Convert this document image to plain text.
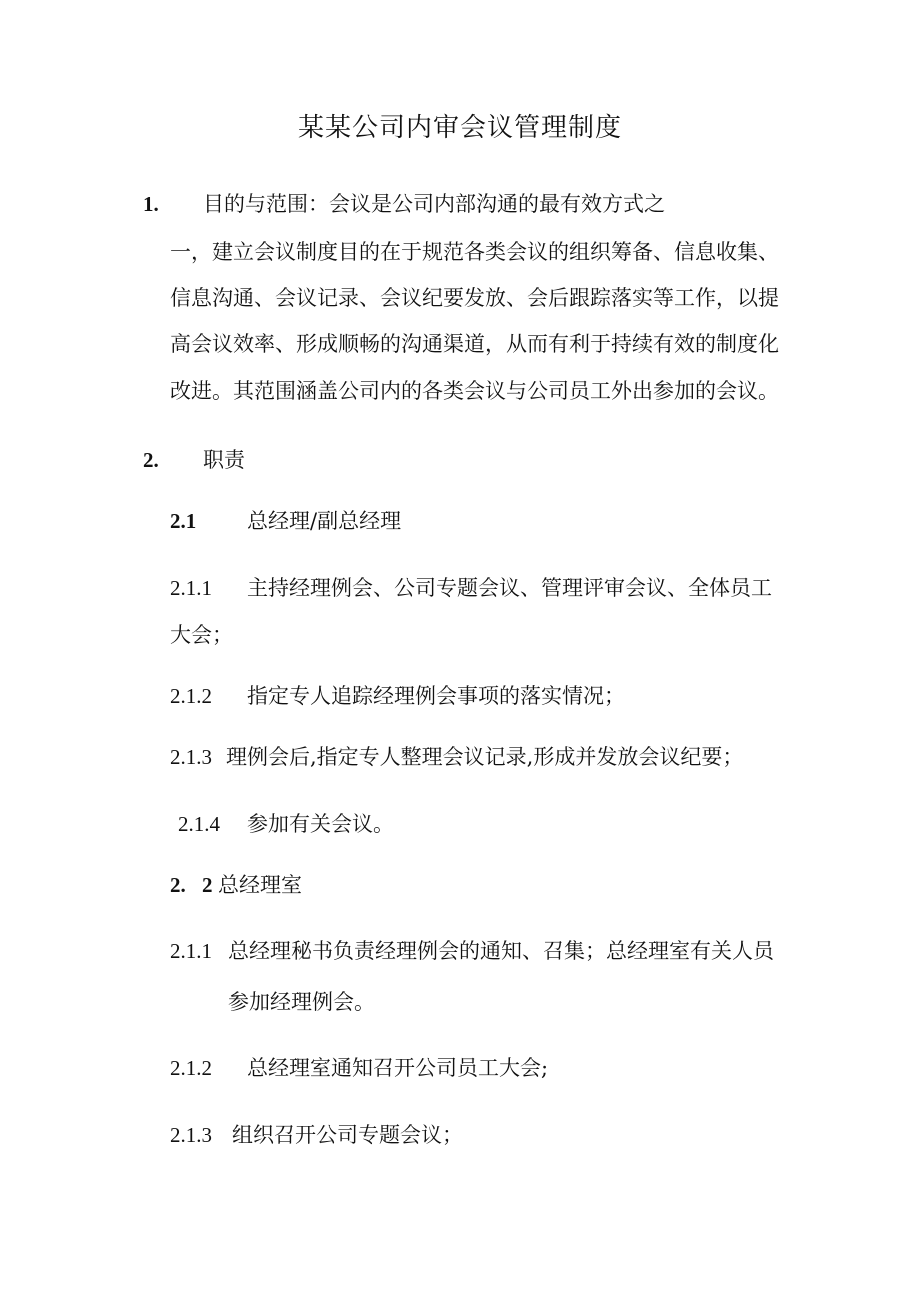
某某公司内审会议管理制度
1. 目的与范围：会议是公司内部沟通的最有效方式之
一，建立会议制度目的在于规范各类会议的组织筹备、信息收集、
信息沟通、会议记录、会议纪要发放、会后跟踪落实等工作，以提
高会议效率、形成顺畅的沟通渠道，从而有利于持续有效的制度化
改进。其范围涵盖公司内的各类会议与公司员工外出参加的会议。
2. 职责
2.1 总经理/副总经理
2.1.1 主持经理例会、公司专题会议、管理评审会议、全体员工
大会；
2.1.2 指定专人追踪经理例会事项的落实情况；
2.1.3 理例会后,指定专人整理会议记录,形成并发放会议纪要；
2.1.4 参加有关会议。
2. 2 总经理室
2.1.1 总经理秘书负责经理例会的通知、召集；总经理室有关人员
参加经理例会。
2.1.2 总经理室通知召开公司员工大会;
2.1.3 组织召开公司专题会议；
